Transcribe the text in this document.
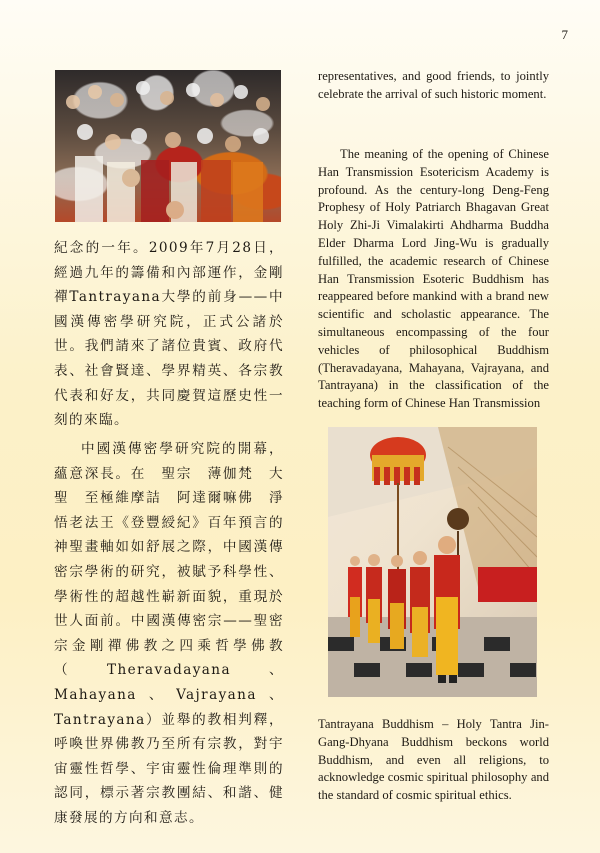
7

紀念的一年。2009年7月28日，經過九年的籌備和內部運作，金剛禪Tantrayana大學的前身——中國漢傳密學研究院，正式公諸於世。我們請來了諸位貴賓、政府代表、社會賢達、學界精英、各宗教代表和好友，共同慶賀這歷史性一刻的來臨。

中國漢傳密學研究院的開幕，蘊意深長。在　聖宗　薄伽梵　大聖　至極維摩詰　阿達爾嘛佛　淨悟老法王《登豐綬紀》百年預言的神聖畫軸如如舒展之際，中國漢傳密宗學術的研究，被賦予科學性、學術性的超越性嶄新面貌，重現於世人面前。中國漢傳密宗——聖密宗金剛禪佛教之四乘哲學佛教（Theravadayana、Mahayana、Vajrayana、Tantrayana）並舉的教相判釋，呼喚世界佛教乃至所有宗教，對宇宙靈性哲學、宇宙靈性倫理準則的認同，標示著宗教團結、和諧、健康發展的方向和意志。

representatives, and good friends, to jointly celebrate the arrival of such historic moment.

The meaning of the opening of Chinese Han Transmission Esotericism Academy is profound. As the century-long Deng-Feng Prophesy of Holy Patriarch Bhagavan Great Holy Zhi-Ji Vimalakirti Ahdharma Buddha Elder Dharma Lord Jing-Wu is gradually fulfilled, the academic research of Chinese Han Transmission Esoteric Buddhism has reappeared before mankind with a brand new scientific and scholastic appearance. The simultaneous encompassing of the four vehicles of philosophical Buddhism (Theravadayana, Mahayana, Vajrayana, and Tantrayana) in the classification of the teaching form of Chinese Han Transmission

Tantrayana Buddhism – Holy Tantra Jin-Gang-Dhyana Buddhism beckons world Buddhism, and even all religions, to acknowledge cosmic spiritual philosophy and the standard of cosmic spiritual ethics.
